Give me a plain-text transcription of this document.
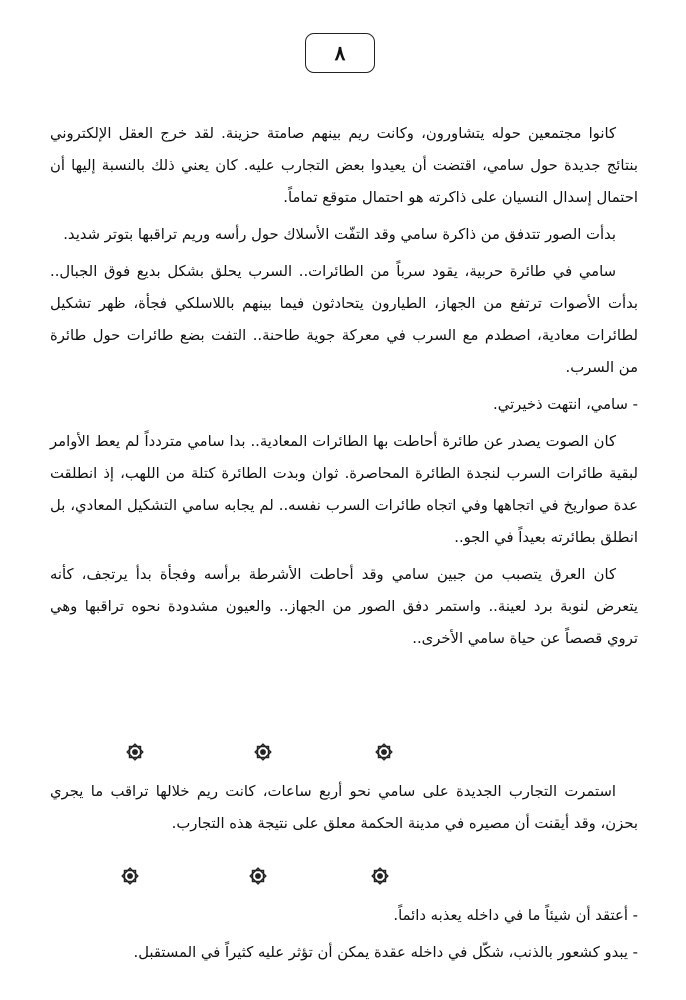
٨

كانوا مجتمعين حوله يتشاورون، وكانت ريم بينهم صامتة حزينة. لقد خرج العقل الإلكتروني بنتائج جديدة حول سامي، اقتضت أن يعيدوا بعض التجارب عليه. كان يعني ذلك بالنسبة إليها أن احتمال إسدال النسيان على ذاكرته هو احتمال متوقع تماماً.

بدأت الصور تتدفق من ذاكرة سامي وقد التفّت الأسلاك حول رأسه وريم تراقبها بتوتر شديد.

سامي في طائرة حربية، يقود سرباً من الطائرات.. السرب يحلق بشكل بديع فوق الجبال.. بدأت الأصوات ترتفع من الجهاز، الطيارون يتحادثون فيما بينهم باللاسلكي فجأة، ظهر تشكيل لطائرات معادية، اصطدم مع السرب في معركة جوية طاحنة.. التفت بضع طائرات حول طائرة من السرب.

- سامي، انتهت ذخيرتي.

كان الصوت يصدر عن طائرة أحاطت بها الطائرات المعادية.. بدا سامي متردداً لم يعط الأوامر لبقية طائرات السرب لنجدة الطائرة المحاصرة. ثوان وبدت الطائرة كتلة من اللهب، إذ انطلقت عدة صواريخ في اتجاهها وفي اتجاه طائرات السرب نفسه.. لم يجابه سامي التشكيل المعادي، بل انطلق بطائرته بعيداً في الجو..

كان العرق يتصبب من جبين سامي وقد أحاطت الأشرطة برأسه وفجأة بدأ يرتجف، كأنه يتعرض لنوبة برد لعينة.. واستمر دفق الصور من الجهاز.. والعيون مشدودة نحوه تراقبها وهي تروي قصصاً عن حياة سامي الأخرى..

استمرت التجارب الجديدة على سامي نحو أربع ساعات، كانت ريم خلالها تراقب ما يجري بحزن، وقد أيقنت أن مصيره في مدينة الحكمة معلق على نتيجة هذه التجارب.

- أعتقد أن شيئاً ما في داخله يعذبه دائماً.

- يبدو كشعور بالذنب، شكّل في داخله عقدة يمكن أن تؤثر عليه كثيراً في المستقبل.
